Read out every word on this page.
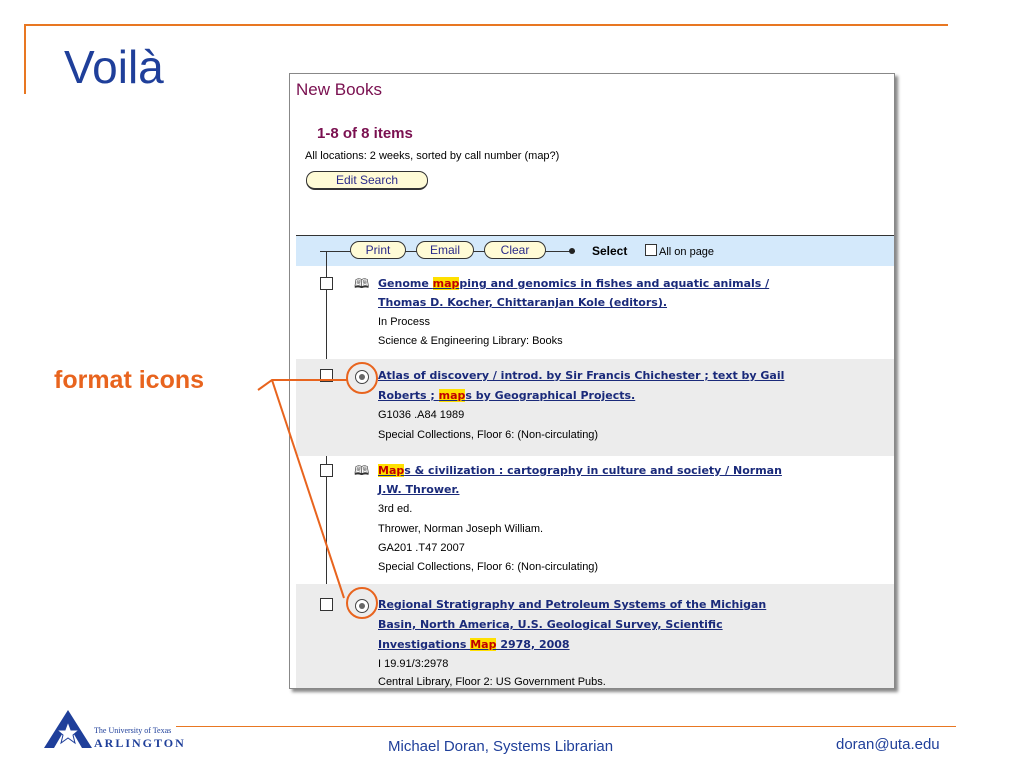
Voilà	New Books
1-8 of 8 items
All locations: 2 weeks, sorted by call number (map?)
Edit Search
Print	Email	Clear	Select	All on page
🕮 Genome mapping and genomics in fishes and aquatic animals /
Thomas D. Kocher, Chittaranjan Kole (editors).
In Process
Science & Engineering Library: Books
Atlas of discovery / introd. by Sir Francis Chichester ; text by Gail
Roberts ; maps by Geographical Projects.
G1036 .A84 1989
Special Collections, Floor 6: (Non-circulating)
🕮 Maps & civilization : cartography in culture and society / Norman
J.W. Thrower.
3rd ed.
Thrower, Norman Joseph William.
GA201 .T47 2007
Special Collections, Floor 6: (Non-circulating)
Regional Stratigraphy and Petroleum Systems of the Michigan
Basin, North America, U.S. Geological Survey, Scientific
Investigations Map 2978, 2008
I 19.91/3:2978
Central Library, Floor 2: US Government Pubs.
format icons
The University of Texas
ARLINGTON	Michael Doran, Systems Librarian	doran@uta.edu
